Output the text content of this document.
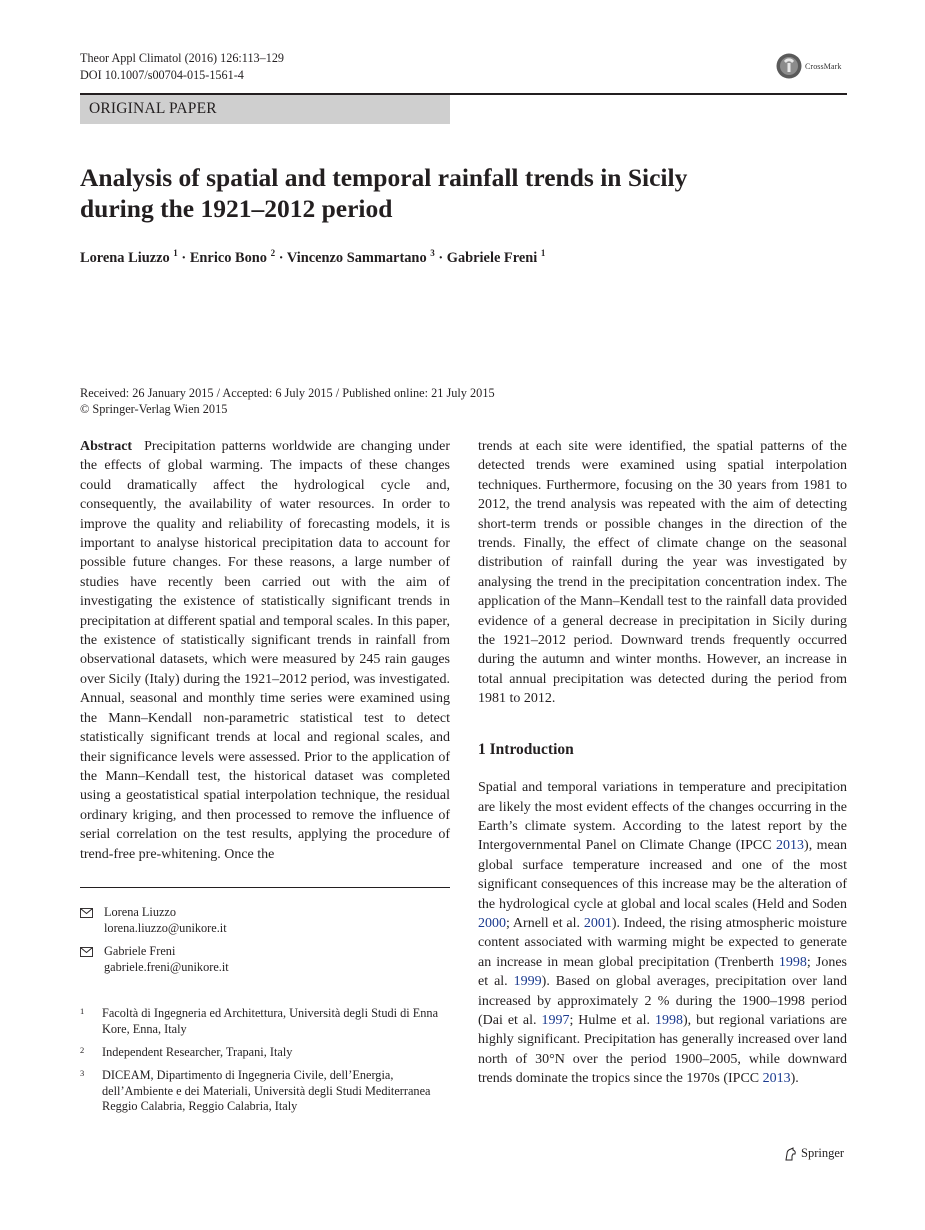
Theor Appl Climatol (2016) 126:113–129
DOI 10.1007/s00704-015-1561-4
CrossMark
ORIGINAL PAPER
Analysis of spatial and temporal rainfall trends in Sicily
during the 1921–2012 period
Lorena Liuzzo $^1$ · Enrico Bono $^2$ · Vincenzo Sammartano $^3$ · Gabriele Freni $^1$
Received: 26 January 2015 / Accepted: 6 July 2015 / Published online: 21 July 2015
© Springer-Verlag Wien 2015

Abstract Precipitation patterns worldwide are changing under the effects of global warming. The impacts of these changes could dramatically affect the hydrological cycle and, consequently, the availability of water resources. In order to improve the quality and reliability of forecasting models, it is important to analyse historical precipitation data to account for possible future changes. For these reasons, a large number of studies have recently been carried out with the aim of investigating the existence of statistically significant trends in precipitation at different spatial and temporal scales. In this paper, the existence of statistically significant trends in rainfall from observational datasets, which were measured by 245 rain gauges over Sicily (Italy) during the 1921–2012 period, was investigated. Annual, seasonal and monthly time series were examined using the Mann–Kendall non-parametric statistical test to detect statistically significant trends at local and regional scales, and their significance levels were assessed. Prior to the application of the Mann–Kendall test, the historical dataset was completed using a geostatistical spatial interpolation technique, the residual ordinary kriging, and then processed to remove the influence of serial correlation on the test results, applying the procedure of trend-free pre-whitening. Once the

trends at each site were identified, the spatial patterns of the detected trends were examined using spatial interpolation techniques. Furthermore, focusing on the 30 years from 1981 to 2012, the trend analysis was repeated with the aim of detecting short-term trends or possible changes in the direction of the trends. Finally, the effect of climate change on the seasonal distribution of rainfall during the year was investigated by analysing the trend in the precipitation concentration index. The application of the Mann–Kendall test to the rainfall data provided evidence of a general decrease in precipitation in Sicily during the 1921–2012 period. Downward trends frequently occurred during the autumn and winter months. However, an increase in total annual precipitation was detected during the period from 1981 to 2012.

1 Introduction

Spatial and temporal variations in temperature and precipitation are likely the most evident effects of the changes occurring in the Earth’s climate system. According to the latest report by the Intergovernmental Panel on Climate Change (IPCC 2013), mean global surface temperature increased and one of the most significant consequences of this increase may be the alteration of the hydrological cycle at global and local scales (Held and Soden 2000; Arnell et al. 2001). Indeed, the rising atmospheric moisture content associated with warming might be expected to generate an increase in mean global precipitation (Trenberth 1998; Jones et al. 1999). Based on global averages, precipitation over land increased by approximately 2 % during the 1900–1998 period (Dai et al. 1997; Hulme et al. 1998), but regional variations are highly significant. Precipitation has generally increased over land north of 30°N over the period 1900–2005, while downward trends dominate the tropics since the 1970s (IPCC 2013).

Lorena Liuzzo
lorena.liuzzo@unikore.it
Gabriele Freni
gabriele.freni@unikore.it
1 Facoltà di Ingegneria ed Architettura, Università degli Studi di Enna Kore, Enna, Italy
2 Independent Researcher, Trapani, Italy
3 DICEAM, Dipartimento di Ingegneria Civile, dell’Energia, dell’Ambiente e dei Materiali, Università degli Studi Mediterranea Reggio Calabria, Reggio Calabria, Italy
Springer
